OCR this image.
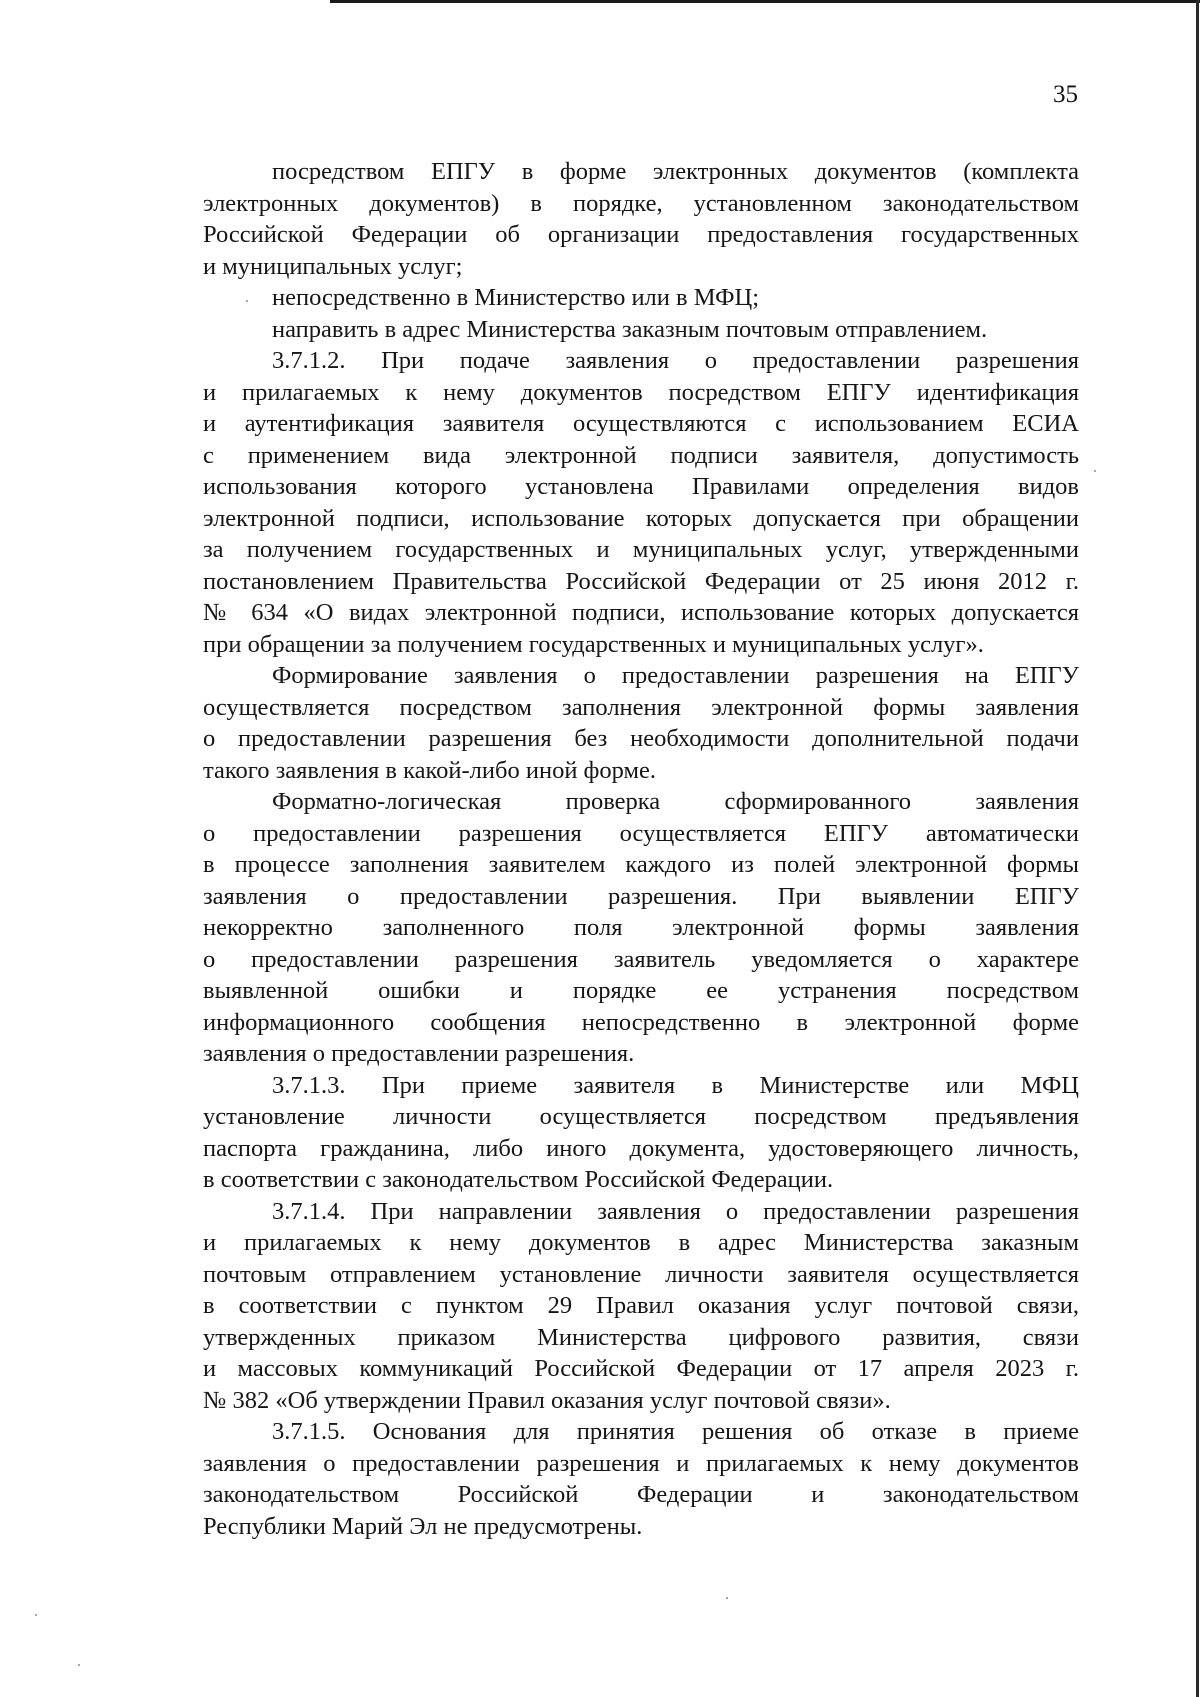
35
посредством ЕПГУ в форме электронных документов (комплекта
электронных документов) в порядке, установленном законодательством
Российской Федерации об организации предоставления государственных
и муниципальных услуг;
непосредственно в Министерство или в МФЦ;
направить в адрес Министерства заказным почтовым отправлением.
3.7.1.2. При подаче заявления о предоставлении разрешения
и прилагаемых к нему документов посредством ЕПГУ идентификация
и аутентификация заявителя осуществляются с использованием ЕСИА
с применением вида электронной подписи заявителя, допустимость
использования которого установлена Правилами определения видов
электронной подписи, использование которых допускается при обращении
за получением государственных и муниципальных услуг, утвержденными
постановлением Правительства Российской Федерации от 25 июня 2012 г.
№ 634 «О видах электронной подписи, использование которых допускается
при обращении за получением государственных и муниципальных услуг».
Формирование заявления о предоставлении разрешения на ЕПГУ
осуществляется посредством заполнения электронной формы заявления
о предоставлении разрешения без необходимости дополнительной подачи
такого заявления в какой-либо иной форме.
Форматно-логическая проверка сформированного заявления
о предоставлении разрешения осуществляется ЕПГУ автоматически
в процессе заполнения заявителем каждого из полей электронной формы
заявления о предоставлении разрешения. При выявлении ЕПГУ
некорректно заполненного поля электронной формы заявления
о предоставлении разрешения заявитель уведомляется о характере
выявленной ошибки и порядке ее устранения посредством
информационного сообщения непосредственно в электронной форме
заявления о предоставлении разрешения.
3.7.1.3. При приеме заявителя в Министерстве или МФЦ
установление личности осуществляется посредством предъявления
паспорта гражданина, либо иного документа, удостоверяющего личность,
в соответствии с законодательством Российской Федерации.
3.7.1.4. При направлении заявления о предоставлении разрешения
и прилагаемых к нему документов в адрес Министерства заказным
почтовым отправлением установление личности заявителя осуществляется
в соответствии с пунктом 29 Правил оказания услуг почтовой связи,
утвержденных приказом Министерства цифрового развития, связи
и массовых коммуникаций Российской Федерации от 17 апреля 2023 г.
№ 382 «Об утверждении Правил оказания услуг почтовой связи».
3.7.1.5. Основания для принятия решения об отказе в приеме
заявления о предоставлении разрешения и прилагаемых к нему документов
законодательством Российской Федерации и законодательством
Республики Марий Эл не предусмотрены.
